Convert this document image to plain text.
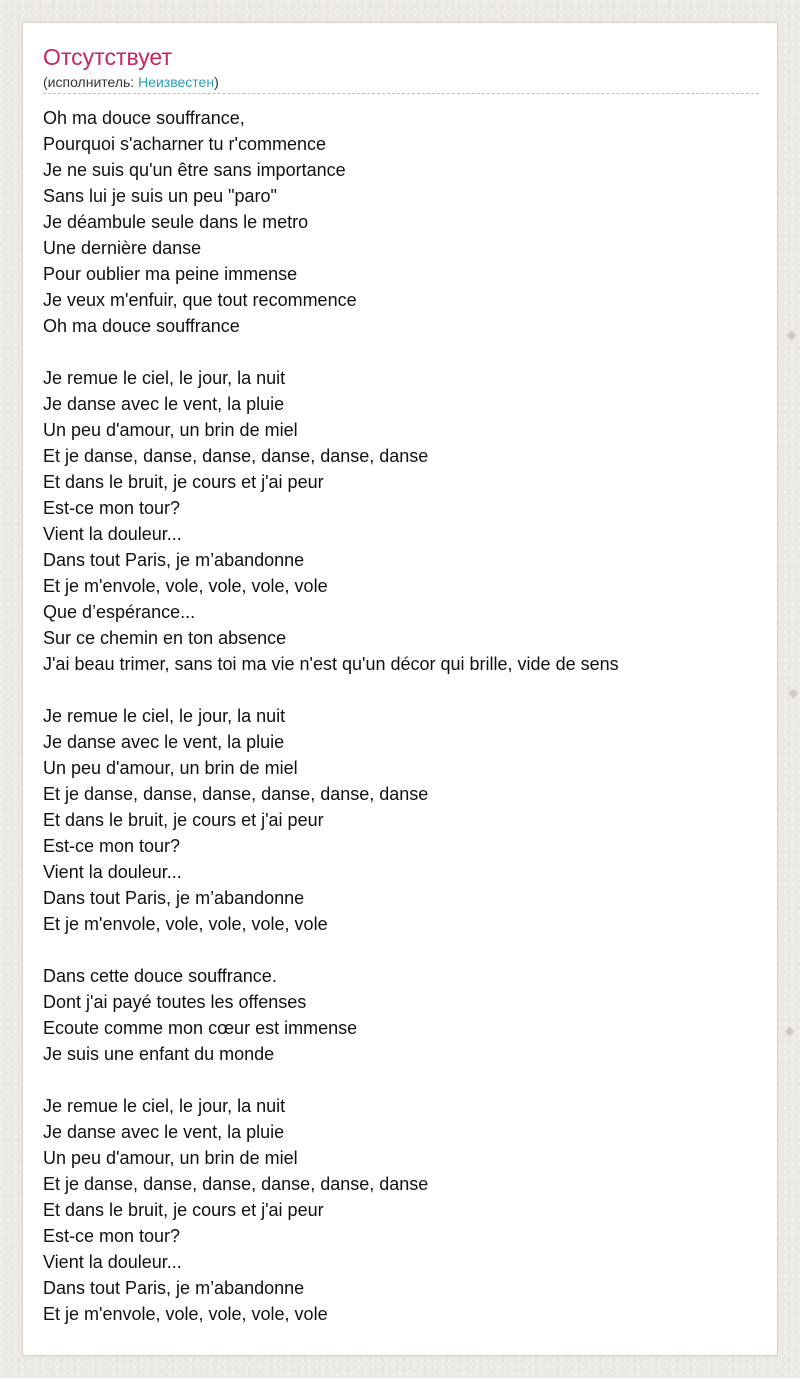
Отсутствует
(исполнитель: Неизвестен)
Oh ma douce souffrance,
Pourquoi s'acharner tu r'commence
Je ne suis qu'un être sans importance
Sans lui je suis un peu "paro"
Je déambule seule dans le metro
Une dernière danse
Pour oublier ma peine immense
Je veux m'enfuir, que tout recommence
Oh ma douce souffrance
Je remue le ciel, le jour, la nuit
Je danse avec le vent, la pluie
Un peu d'amour, un brin de miel
Et je danse, danse, danse, danse, danse, danse
Et dans le bruit, je cours et j'ai peur
Est-ce mon tour?
Vient la douleur...
Dans tout Paris, je m’abandonne
Et je m'envole, vole, vole, vole, vole
Que d’espérance...
Sur ce chemin en ton absence
J'ai beau trimer, sans toi ma vie n'est qu'un décor qui brille, vide de sens
Je remue le ciel, le jour, la nuit
Je danse avec le vent, la pluie
Un peu d'amour, un brin de miel
Et je danse, danse, danse, danse, danse, danse
Et dans le bruit, je cours et j'ai peur
Est-ce mon tour?
Vient la douleur...
Dans tout Paris, je m’abandonne
Et je m'envole, vole, vole, vole, vole
Dans cette douce souffrance.
Dont j'ai payé toutes les offenses
Ecoute comme mon cœur est immense
Je suis une enfant du monde
Je remue le ciel, le jour, la nuit
Je danse avec le vent, la pluie
Un peu d'amour, un brin de miel
Et je danse, danse, danse, danse, danse, danse
Et dans le bruit, je cours et j'ai peur
Est-ce mon tour?
Vient la douleur...
Dans tout Paris, je m’abandonne
Et je m'envole, vole, vole, vole, vole
